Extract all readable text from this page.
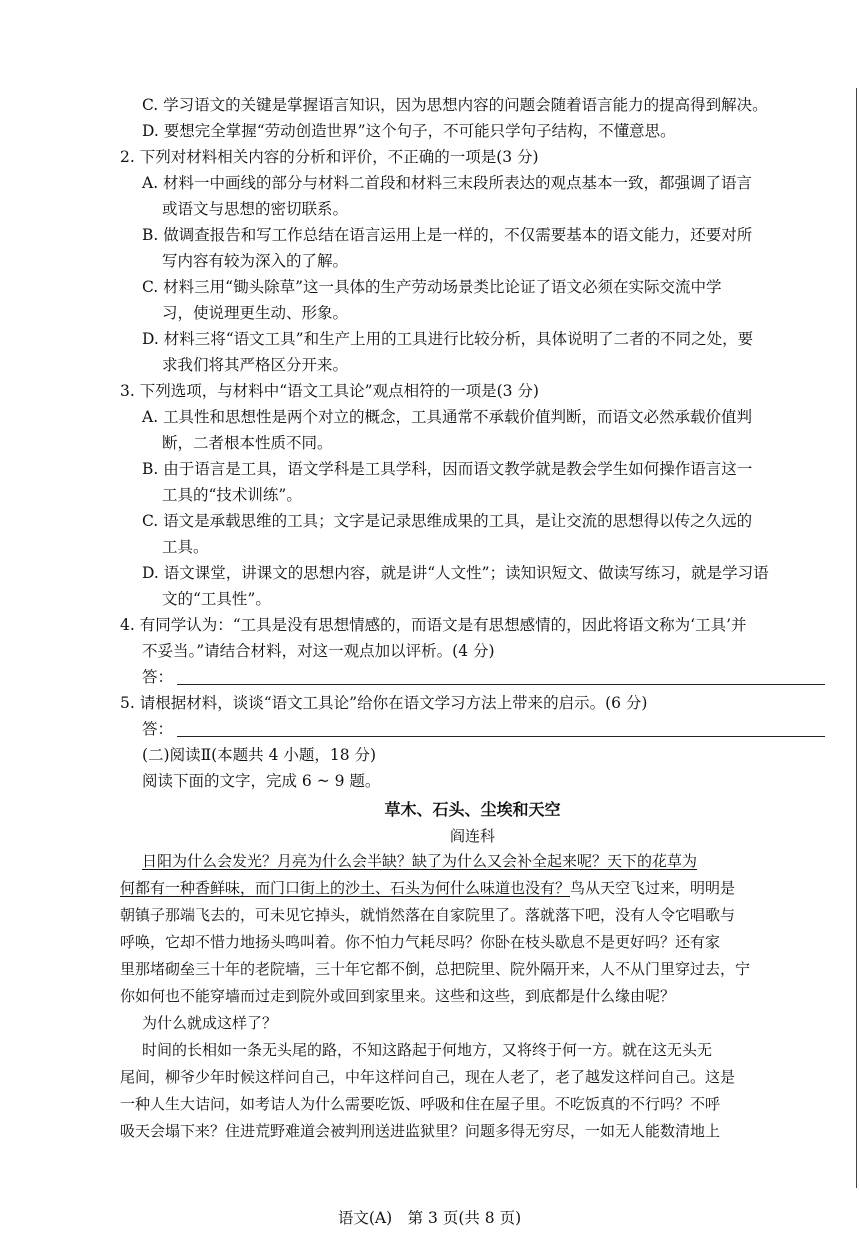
C. 学习语文的关键是掌握语言知识，因为思想内容的问题会随着语言能力的提高得到解决。
D. 要想完全掌握“劳动创造世界”这个句子，不可能只学句子结构，不懂意思。
2. 下列对材料相关内容的分析和评价，不正确的一项是(3 分)
A. 材料一中画线的部分与材料二首段和材料三末段所表达的观点基本一致，都强调了语言
或语文与思想的密切联系。
B. 做调查报告和写工作总结在语言运用上是一样的，不仅需要基本的语文能力，还要对所
写内容有较为深入的了解。
C. 材料三用“锄头除草”这一具体的生产劳动场景类比论证了语文必须在实际交流中学
习，使说理更生动、形象。
D. 材料三将“语文工具”和生产上用的工具进行比较分析，具体说明了二者的不同之处，要
求我们将其严格区分开来。
3. 下列选项，与材料中“语文工具论”观点相符的一项是(3 分)
A. 工具性和思想性是两个对立的概念，工具通常不承载价值判断，而语文必然承载价值判
断，二者根本性质不同。
B. 由于语言是工具，语文学科是工具学科，因而语文教学就是教会学生如何操作语言这一
工具的“技术训练”。
C. 语文是承载思维的工具；文字是记录思维成果的工具，是让交流的思想得以传之久远的
工具。
D. 语文课堂，讲课文的思想内容，就是讲“人文性”；读知识短文、做读写练习，就是学习语
文的“工具性”。
4. 有同学认为：“工具是没有思想情感的，而语文是有思想感情的，因此将语文称为‘工具’并
不妥当。”请结合材料，对这一观点加以评析。(4 分)
答：
5. 请根据材料，谈谈“语文工具论”给你在语文学习方法上带来的启示。(6 分)
答：
(二)阅读Ⅱ(本题共 4 小题，18 分)
阅读下面的文字，完成 6 ~ 9 题。
草木、石头、尘埃和天空
阎连科
日阳为什么会发光？月亮为什么会半缺？缺了为什么又会补全起来呢？天下的花草为
何都有一种香鲜味，而门口街上的沙土、石头为何什么味道也没有？鸟从天空飞过来，明明是
朝镇子那端飞去的，可未见它掉头，就悄然落在自家院里了。落就落下吧，没有人令它唱歌与
呼唤，它却不惜力地扬头鸣叫着。你不怕力气耗尽吗？你卧在枝头歇息不是更好吗？还有家
里那堵砌垒三十年的老院墙，三十年它都不倒，总把院里、院外隔开来，人不从门里穿过去，宁
你如何也不能穿墙而过走到院外或回到家里来。这些和这些，到底都是什么缘由呢？
为什么就成这样了？
时间的长相如一条无头尾的路，不知这路起于何地方，又将终于何一方。就在这无头无
尾间，柳爷少年时候这样问自己，中年这样问自己，现在人老了，老了越发这样问自己。这是
一种人生大诘问，如考诘人为什么需要吃饭、呼吸和住在屋子里。不吃饭真的不行吗？不呼
吸天会塌下来？住进荒野难道会被判刑送进监狱里？问题多得无穷尽，一如无人能数清地上
语文(A)　第 3 页(共 8 页)
